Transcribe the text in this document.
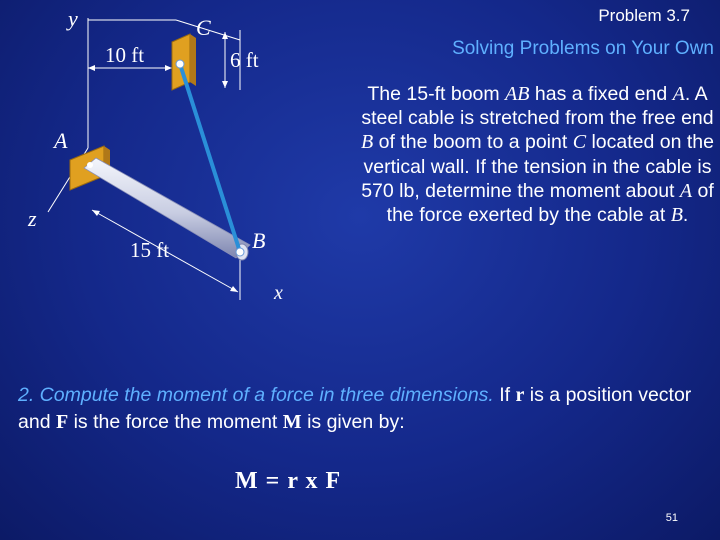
Problem 3.7
Solving Problems on Your Own
y	C
10 ft	6 ft
A
z
15 ft	B
x
The 15-ft boom AB has a fixed end A. A steel cable is stretched from the free end B of the boom to a point C located on the vertical wall. If the tension in the cable is 570 lb, determine the moment about A of the force exerted by the cable at B.
2. Compute the moment of a force in three dimensions. If r is a position vector and F is the force the moment M is given by:
M = r x F
51
